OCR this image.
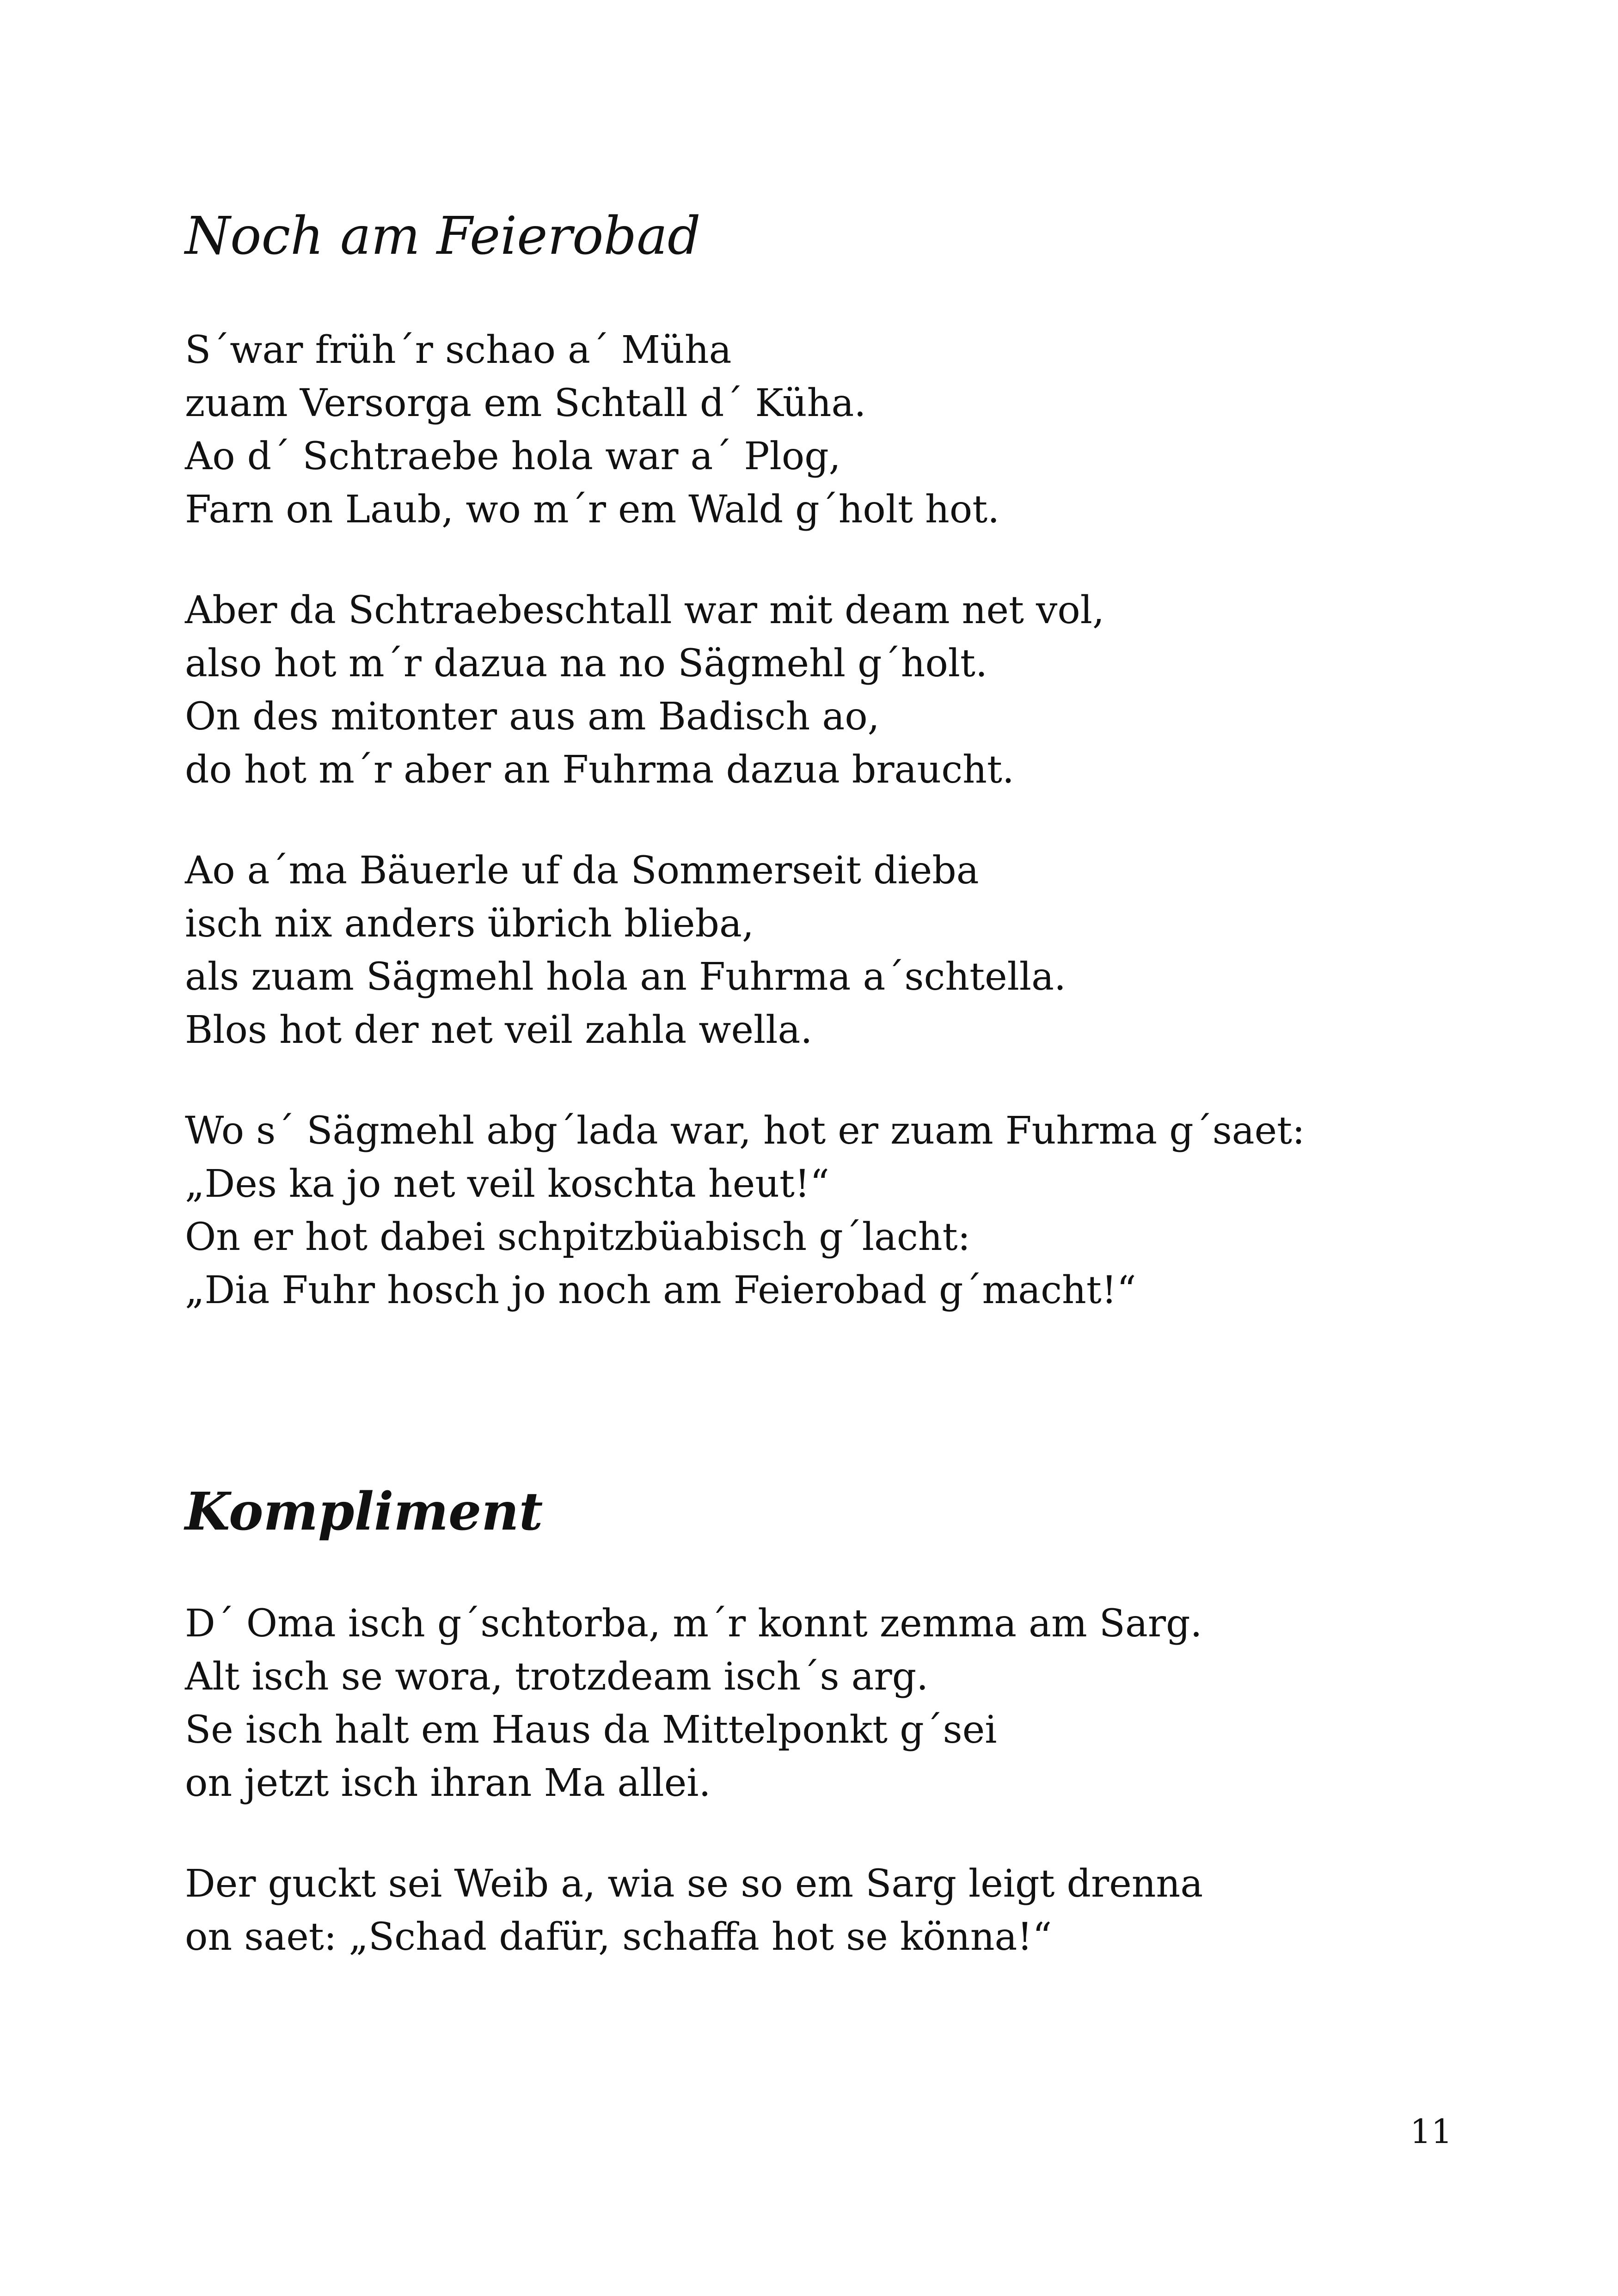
Noch am Feierobad
S´war früh´r schao a´ Müha
zuam Versorga em Schtall d´ Küha.
Ao d´ Schtraebe hola war a´ Plog,
Farn on Laub, wo m´r em Wald g´holt hot.
Aber da Schtraebeschtall war mit deam net vol,
also hot m´r dazua na no Sägmehl g´holt.
On des mitonter aus am Badisch ao,
do hot m´r aber an Fuhrma dazua braucht.
Ao a´ma Bäuerle uf da Sommerseit dieba
isch nix anders übrich blieba,
als zuam Sägmehl hola an Fuhrma a´schtella.
Blos hot der net veil zahla wella.
Wo s´ Sägmehl abg´lada war, hot er zuam Fuhrma g´saet:
„Des ka jo net veil koschta heut!“
On er hot dabei schpitzbüabisch g´lacht:
„Dia Fuhr hosch jo noch am Feierobad g´macht!“
Kompliment
D´ Oma isch g´schtorba, m´r konnt zemma am Sarg.
Alt isch se wora, trotzdeam isch´s arg.
Se isch halt em Haus da Mittelponkt g´sei
on jetzt isch ihran Ma allei.
Der guckt sei Weib a, wia se so em Sarg leigt drenna
on saet: „Schad dafür, schaffa hot se könna!“
11
